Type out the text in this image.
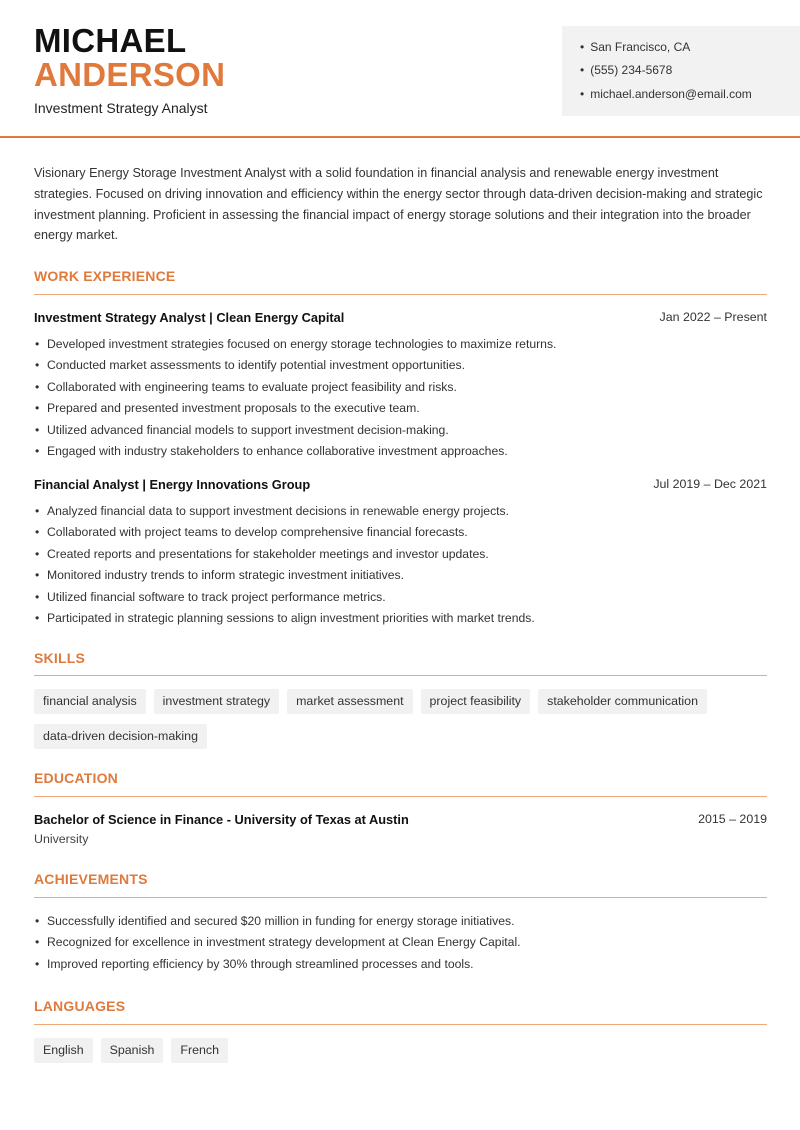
MICHAEL
ANDERSON
Investment Strategy Analyst
• San Francisco, CA
• (555) 234-5678
• michael.anderson@email.com

Visionary Energy Storage Investment Analyst with a solid foundation in financial analysis and renewable energy investment strategies. Focused on driving innovation and efficiency within the energy sector through data-driven decision-making and strategic investment planning. Proficient in assessing the financial impact of energy storage solutions and their integration into the broader energy market.

WORK EXPERIENCE
Investment Strategy Analyst | Clean Energy Capital	Jan 2022 – Present
• Developed investment strategies focused on energy storage technologies to maximize returns.
• Conducted market assessments to identify potential investment opportunities.
• Collaborated with engineering teams to evaluate project feasibility and risks.
• Prepared and presented investment proposals to the executive team.
• Utilized advanced financial models to support investment decision-making.
• Engaged with industry stakeholders to enhance collaborative investment approaches.
Financial Analyst | Energy Innovations Group	Jul 2019 – Dec 2021
• Analyzed financial data to support investment decisions in renewable energy projects.
• Collaborated with project teams to develop comprehensive financial forecasts.
• Created reports and presentations for stakeholder meetings and investor updates.
• Monitored industry trends to inform strategic investment initiatives.
• Utilized financial software to track project performance metrics.
• Participated in strategic planning sessions to align investment priorities with market trends.
SKILLS
financial analysis	investment strategy	market assessment	project feasibility	stakeholder communication
data-driven decision-making
EDUCATION
Bachelor of Science in Finance - University of Texas at Austin	2015 – 2019
University
ACHIEVEMENTS
• Successfully identified and secured $20 million in funding for energy storage initiatives.
• Recognized for excellence in investment strategy development at Clean Energy Capital.
• Improved reporting efficiency by 30% through streamlined processes and tools.
LANGUAGES
English	Spanish	French
